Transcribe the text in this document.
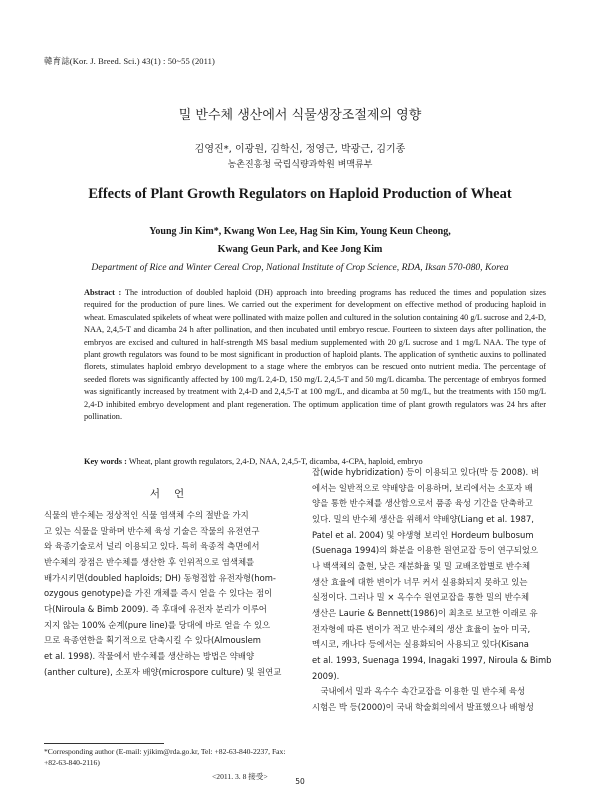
韓育誌(Kor. J. Breed. Sci.) 43(1) : 50~55 (2011)
밀 반수체 생산에서 식물생장조절제의 영향
김영진*, 이광원, 김학신, 정영근, 박광근, 김기종
농촌진흥청 국립식량과학원 벼맥류부
Effects of Plant Growth Regulators on Haploid Production of Wheat
Young Jin Kim*, Kwang Won Lee, Hag Sin Kim, Young Keun Cheong,
Kwang Geun Park, and Kee Jong Kim
Department of Rice and Winter Cereal Crop, National Institute of Crop Science, RDA, Iksan 570-080, Korea
Abstract : The introduction of doubled haploid (DH) approach into breeding programs has reduced the times and population sizes required for the production of pure lines. We carried out the experiment for development on effective method of producing haploid in wheat. Emasculated spikelets of wheat were pollinated with maize pollen and cultured in the solution containing 40 g/L sucrose and 2,4-D, NAA, 2,4,5-T and dicamba 24 h after pollination, and then incubated until embryo rescue. Fourteen to sixteen days after pollination, the embryos are excised and cultured in half-strength MS basal medium supplemented with 20 g/L sucrose and 1 mg/L NAA. The type of plant growth regulators was found to be most significant in production of haploid plants. The application of synthetic auxins to pollinated florets, stimulates haploid embryo development to a stage where the embryos can be rescued onto nutrient media. The percentage of seeded florets was significantly affected by 100 mg/L 2,4-D, 150 mg/L 2,4,5-T and 50 mg/L dicamba. The percentage of embryos formed was significantly increased by treatment with 2,4-D and 2,4,5-T at 100 mg/L, and dicamba at 50 mg/L, but the treatments with 150 mg/L 2,4-D inhibited embryo development and plant regeneration. The optimum application time of plant growth regulators was 24 hrs after pollination.
Key words : Wheat, plant growth regulators, 2,4-D, NAA, 2,4,5-T, dicamba, 4-CPA, haploid, embryo
서언
식물의 반수체는 정상적인 식물 염색체 수의 절반을 가지
고 있는 식물을 말하며 반수체 육성 기술은 작물의 유전연구
와 육종기술로서 널리 이용되고 있다. 특히 육종적 측면에서
반수체의 장점은 반수체를 생산한 후 인위적으로 염색체를
배가시키면(doubled haploids; DH) 동형접합 유전자형(hom-
ozygous genotype)을 가진 개체를 즉시 얻을 수 있다는 점이
다(Niroula & Bimb 2009). 즉 후대에 유전자 분리가 이루어
지지 않는 100% 순계(pure line)를 당대에 바로 얻을 수 있으
므로 육종연한을 획기적으로 단축시킬 수 있다(Almouslem
et al. 1998). 작물에서 반수체를 생산하는 방법은 약배양
(anther culture), 소포자 배양(microspore culture) 및 원연교
잡(wide hybridization) 등이 이용되고 있다(박 등 2008). 벼
에서는 일반적으로 약배양을 이용하며, 보리에서는 소포자 배
양을 통한 반수체를 생산함으로서 품종 육성 기간을 단축하고
있다. 밀의 반수체 생산을 위해서 약배양(Liang et al. 1987,
Patel et al. 2004) 및 야생형 보리인 Hordeum bulbosum
(Suenaga 1994)의 화분을 이용한 원연교잡 등이 연구되었으
나 백색체의 출현, 낮은 재분화율 및 밀 교배조합별로 반수체
생산 효율에 대한 변이가 너무 커서 실용화되지 못하고 있는
실정이다. 그러나 밀 × 옥수수 원연교잡을 통한 밀의 반수체
생산은 Laurie & Bennett(1986)이 최초로 보고한 이래로 유
전자형에 따른 변이가 적고 반수체의 생산 효율이 높아 미국,
멕시코, 캐나다 등에서는 실용화되어 사용되고 있다(Kisana
et al. 1993, Suenaga 1994, Inagaki 1997, Niroula & Bimb
2009).
　국내에서 밀과 옥수수 속간교잡을 이용한 밀 반수체 육성
시험은 박 등(2000)이 국내 학술회의에서 발표했으나 배형성
*Corresponding author (E-mail: yjikim@rda.go.kr, Tel: +82-63-840-2237, Fax: +82-63-840-2116)
<2011. 3. 8 接受>
50
